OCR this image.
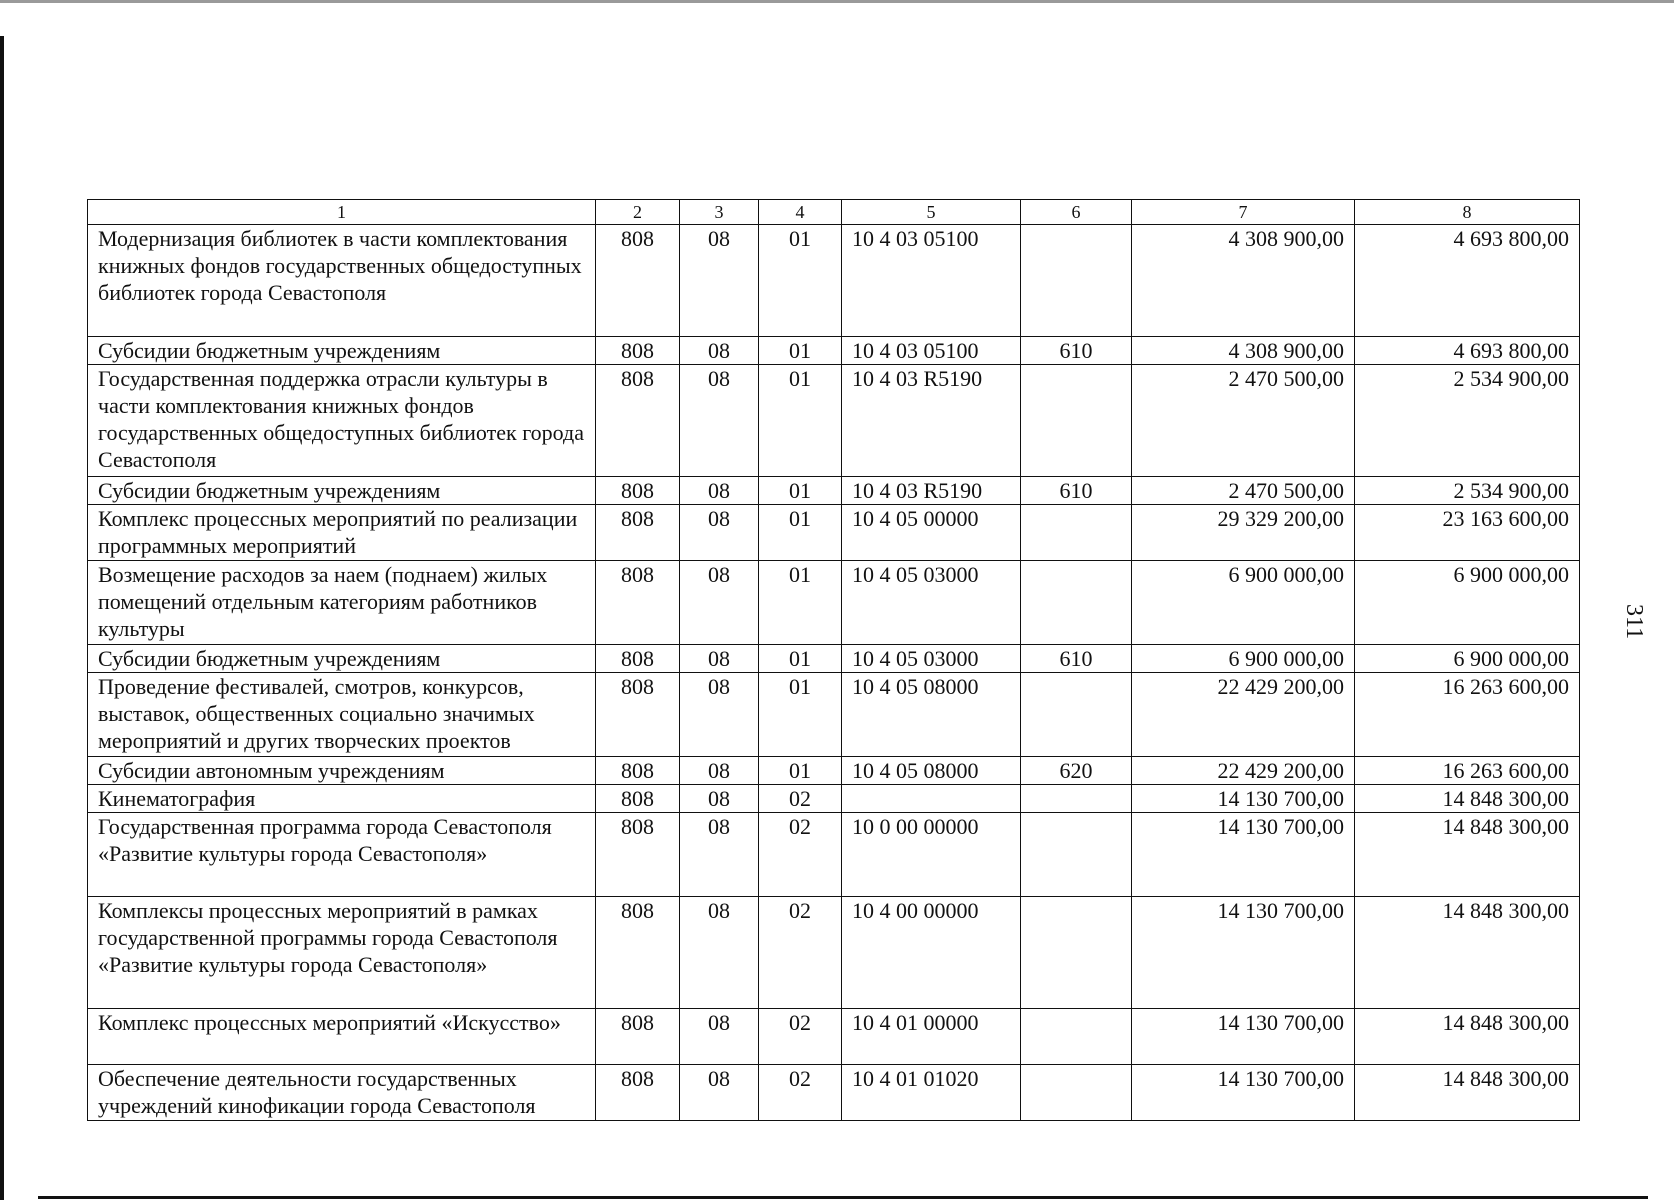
1	2	3	4	5	6	7	8
Модернизация библиотек в части комплектования книжных фондов государственных общедоступных библиотек города Севастополя	808	08	01	10 4 03 05100		4 308 900,00	4 693 800,00
Субсидии бюджетным учреждениям	808	08	01	10 4 03 05100	610	4 308 900,00	4 693 800,00
Государственная поддержка отрасли культуры в части комплектования книжных фондов государственных общедоступных библиотек города Севастополя	808	08	01	10 4 03 R5190		2 470 500,00	2 534 900,00
Субсидии бюджетным учреждениям	808	08	01	10 4 03 R5190	610	2 470 500,00	2 534 900,00
Комплекс процессных мероприятий по реализации программных мероприятий	808	08	01	10 4 05 00000		29 329 200,00	23 163 600,00
Возмещение расходов за наем (поднаем) жилых помещений отдельным категориям работников культуры	808	08	01	10 4 05 03000		6 900 000,00	6 900 000,00
Субсидии бюджетным учреждениям	808	08	01	10 4 05 03000	610	6 900 000,00	6 900 000,00
Проведение фестивалей, смотров, конкурсов, выставок, общественных социально значимых мероприятий и других творческих проектов	808	08	01	10 4 05 08000		22 429 200,00	16 263 600,00
Субсидии автономным учреждениям	808	08	01	10 4 05 08000	620	22 429 200,00	16 263 600,00
Кинематография	808	08	02			14 130 700,00	14 848 300,00
Государственная программа города Севастополя «Развитие культуры города Севастополя»	808	08	02	10 0 00 00000		14 130 700,00	14 848 300,00
Комплексы процессных мероприятий в рамках государственной программы города Севастополя «Развитие культуры города Севастополя»	808	08	02	10 4 00 00000		14 130 700,00	14 848 300,00
Комплекс процессных мероприятий «Искусство»	808	08	02	10 4 01 00000		14 130 700,00	14 848 300,00
Обеспечение деятельности государственных учреждений кинофикации города Севастополя	808	08	02	10 4 01 01020		14 130 700,00	14 848 300,00
311
